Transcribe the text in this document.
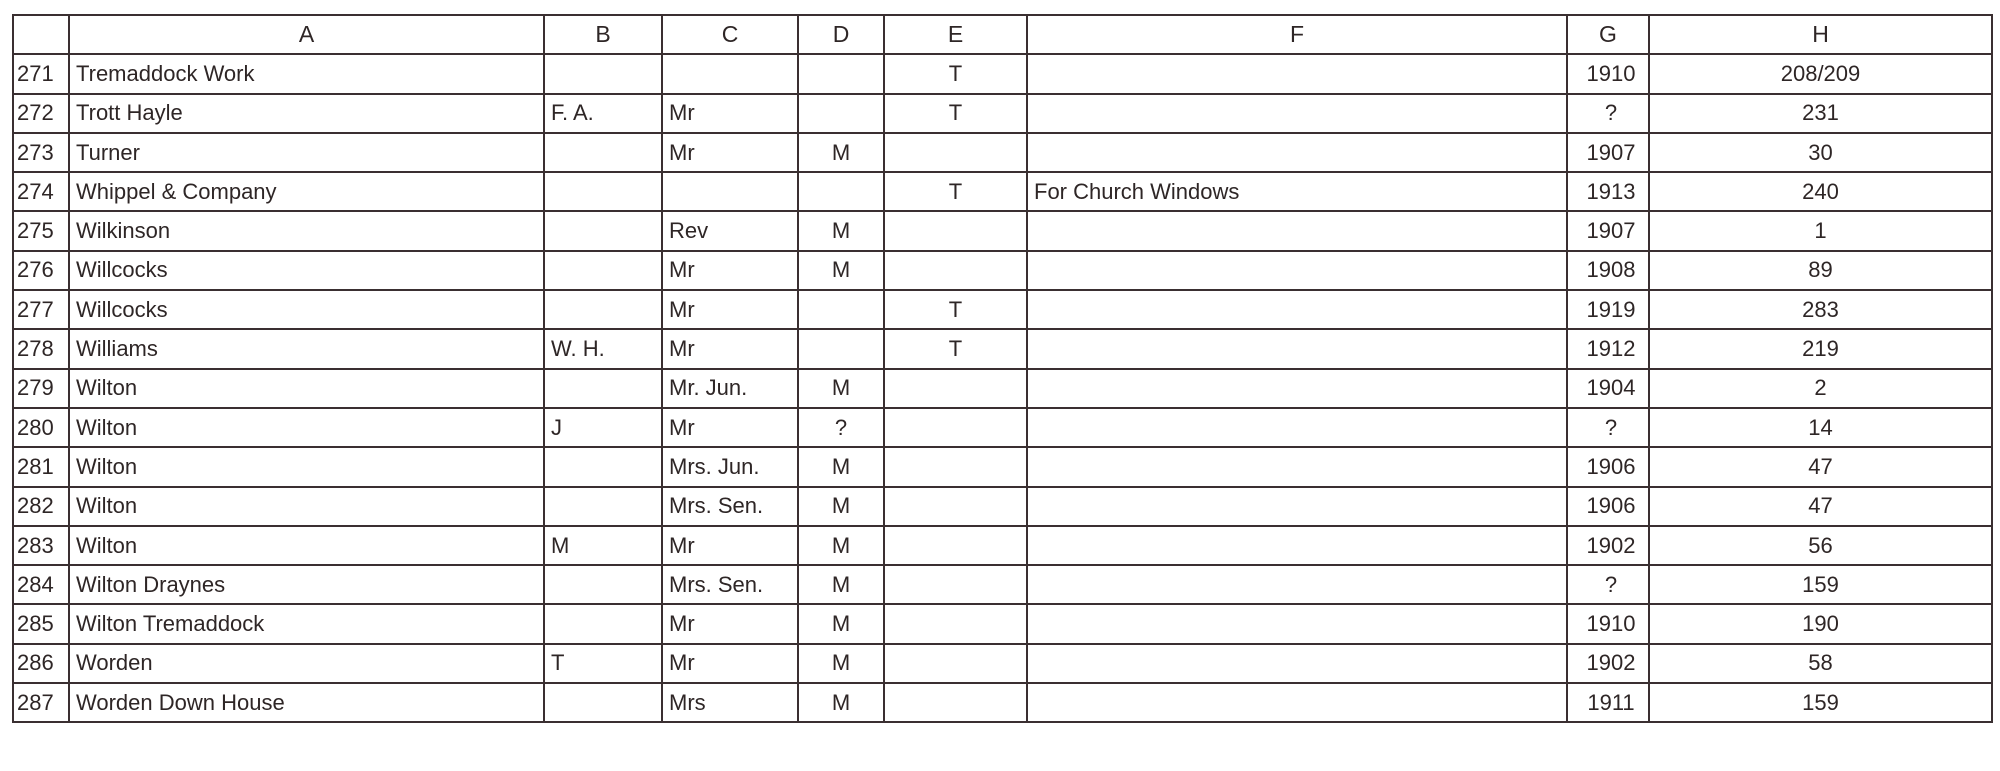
	A	B	C	D	E	F	G	H
271	Tremaddock Work				T		1910	208/209
272	Trott Hayle	F. A.	Mr		T		?	231
273	Turner		Mr	M			1907	30
274	Whippel & Company				T	For Church Windows	1913	240
275	Wilkinson		Rev	M			1907	1
276	Willcocks		Mr	M			1908	89
277	Willcocks		Mr		T		1919	283
278	Williams	W. H.	Mr		T		1912	219
279	Wilton		Mr. Jun.	M			1904	2
280	Wilton	J	Mr	?			?	14
281	Wilton		Mrs. Jun.	M			1906	47
282	Wilton		Mrs. Sen.	M			1906	47
283	Wilton	M	Mr	M			1902	56
284	Wilton Draynes		Mrs. Sen.	M			?	159
285	Wilton Tremaddock		Mr	M			1910	190
286	Worden	T	Mr	M			1902	58
287	Worden Down House		Mrs	M			1911	159
